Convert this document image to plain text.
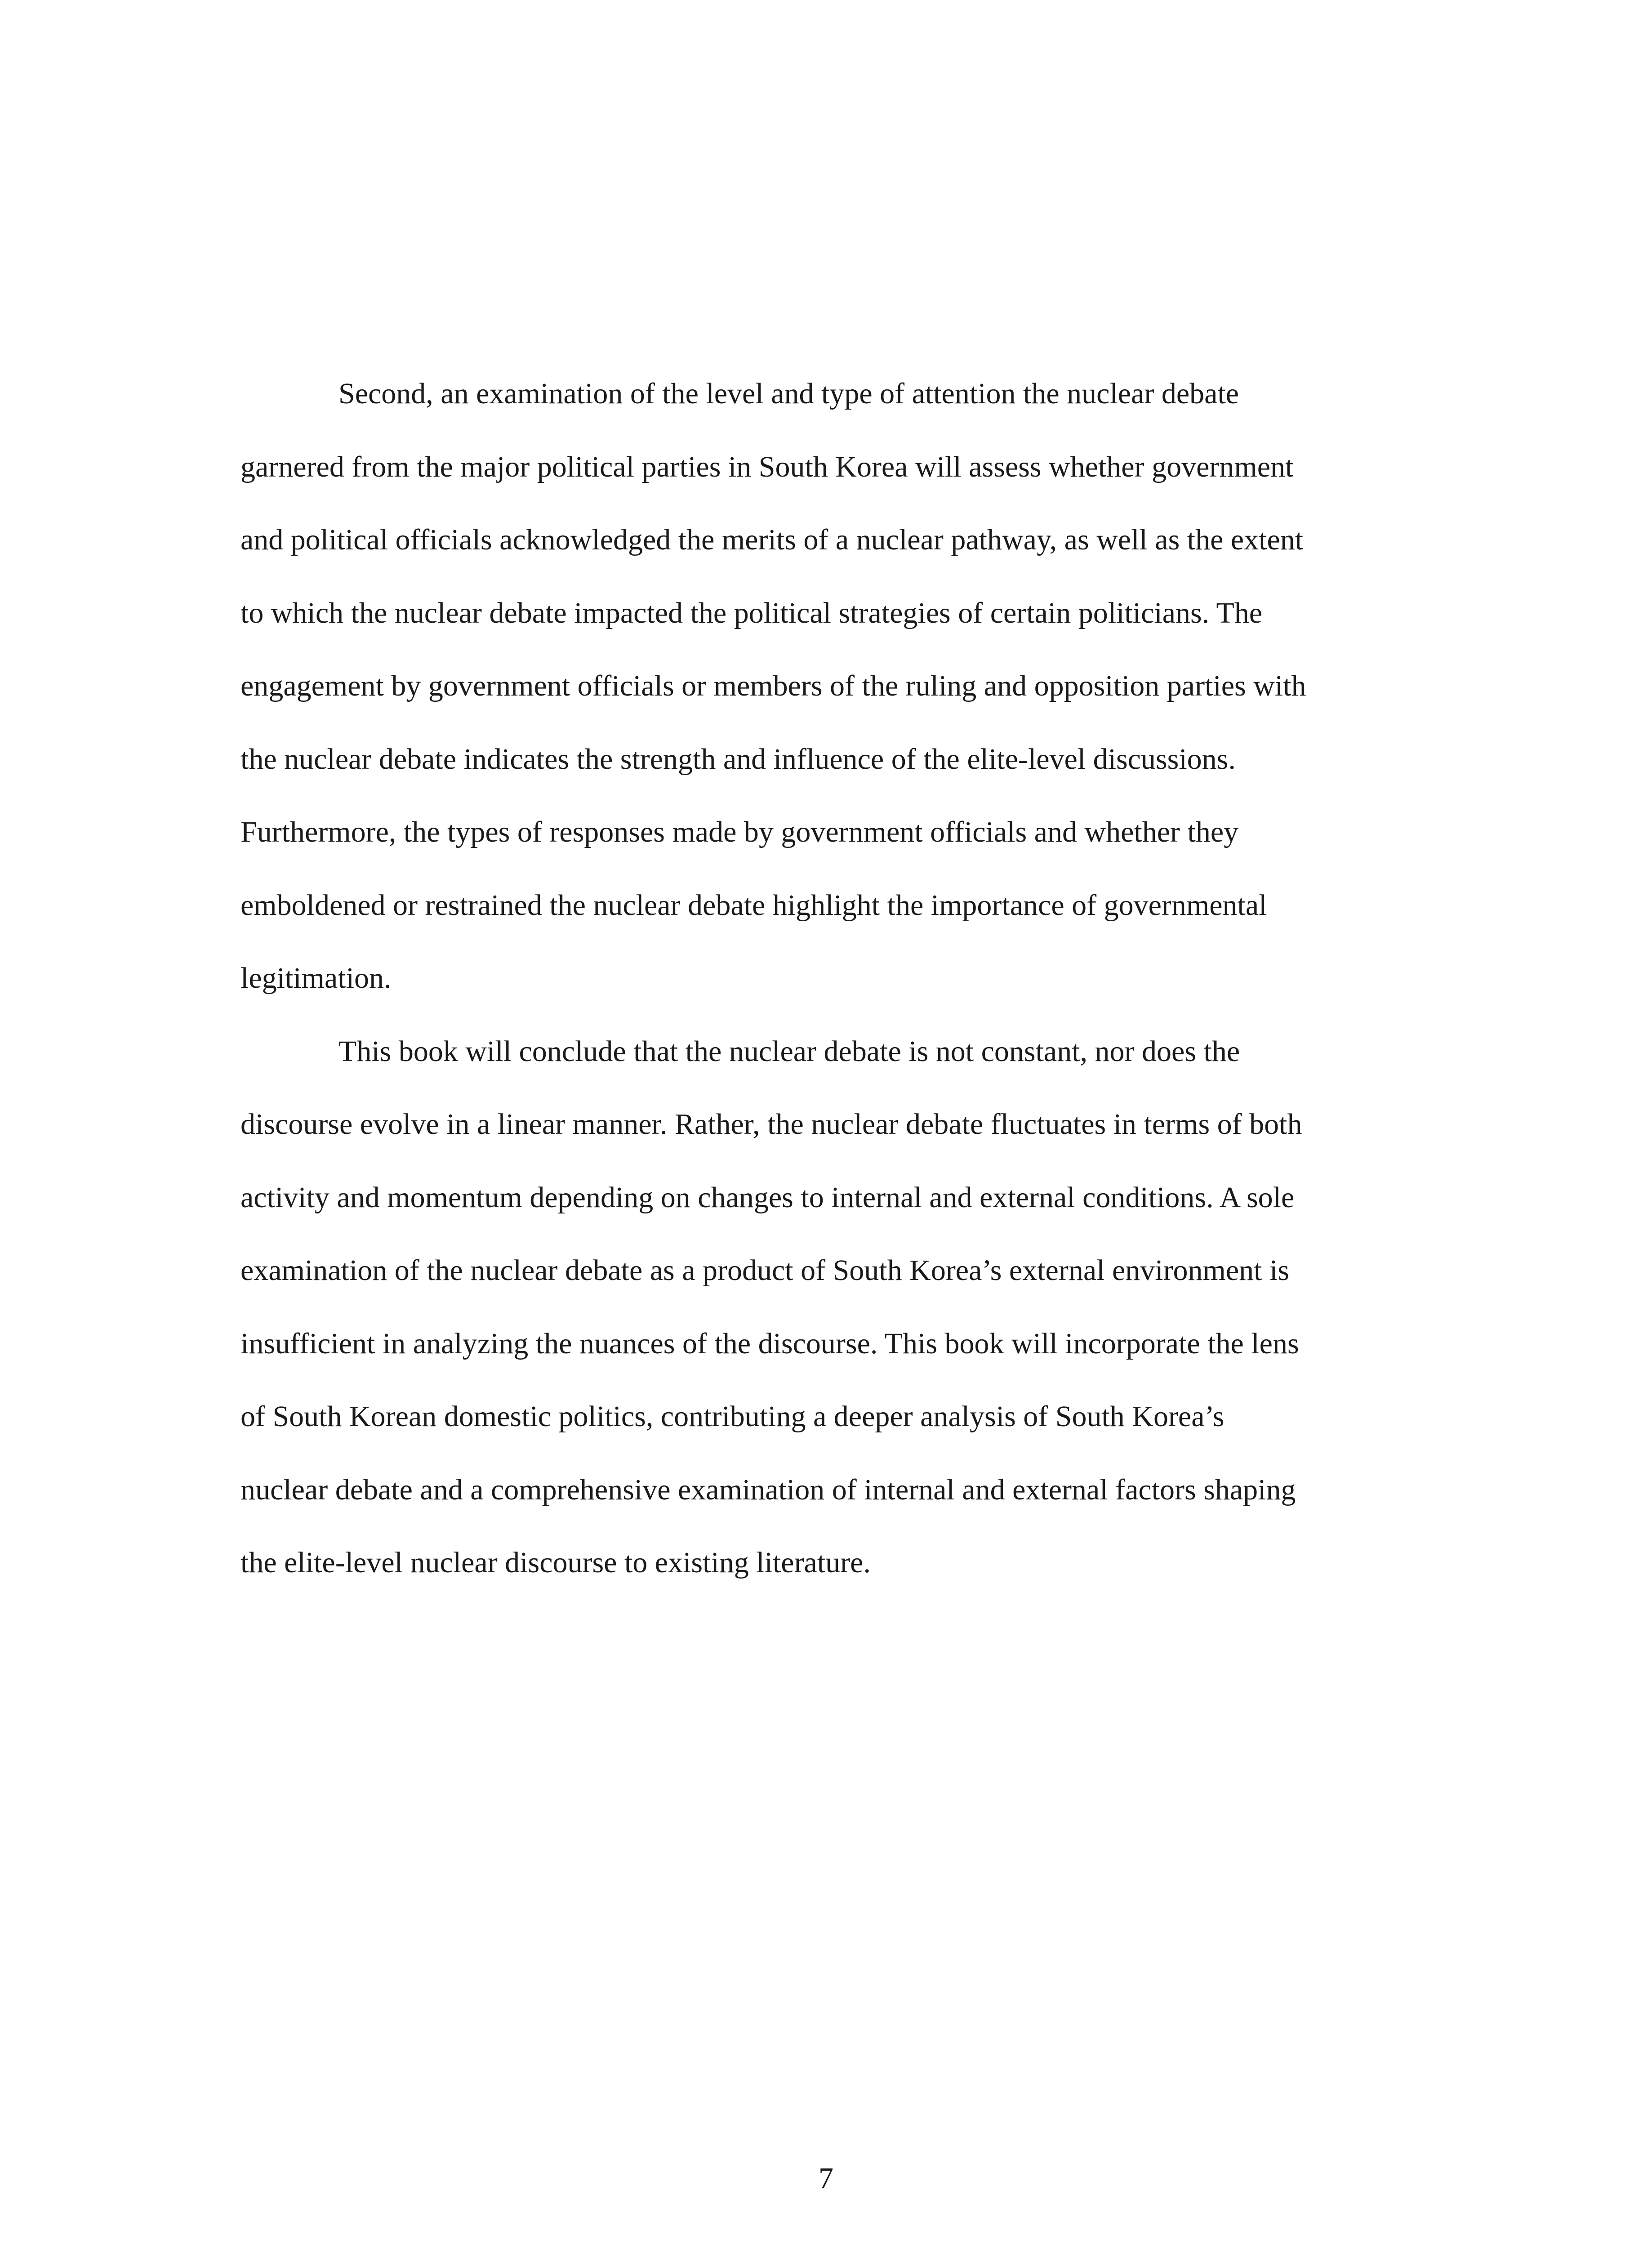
Second, an examination of the level and type of attention the nuclear debate
garnered from the major political parties in South Korea will assess whether government
and political officials acknowledged the merits of a nuclear pathway, as well as the extent
to which the nuclear debate impacted the political strategies of certain politicians. The
engagement by government officials or members of the ruling and opposition parties with
the nuclear debate indicates the strength and influence of the elite-level discussions.
Furthermore, the types of responses made by government officials and whether they
emboldened or restrained the nuclear debate highlight the importance of governmental
legitimation.
This book will conclude that the nuclear debate is not constant, nor does the
discourse evolve in a linear manner. Rather, the nuclear debate fluctuates in terms of both
activity and momentum depending on changes to internal and external conditions. A sole
examination of the nuclear debate as a product of South Korea’s external environment is
insufficient in analyzing the nuances of the discourse. This book will incorporate the lens
of South Korean domestic politics, contributing a deeper analysis of South Korea’s
nuclear debate and a comprehensive examination of internal and external factors shaping
the elite-level nuclear discourse to existing literature.
7
